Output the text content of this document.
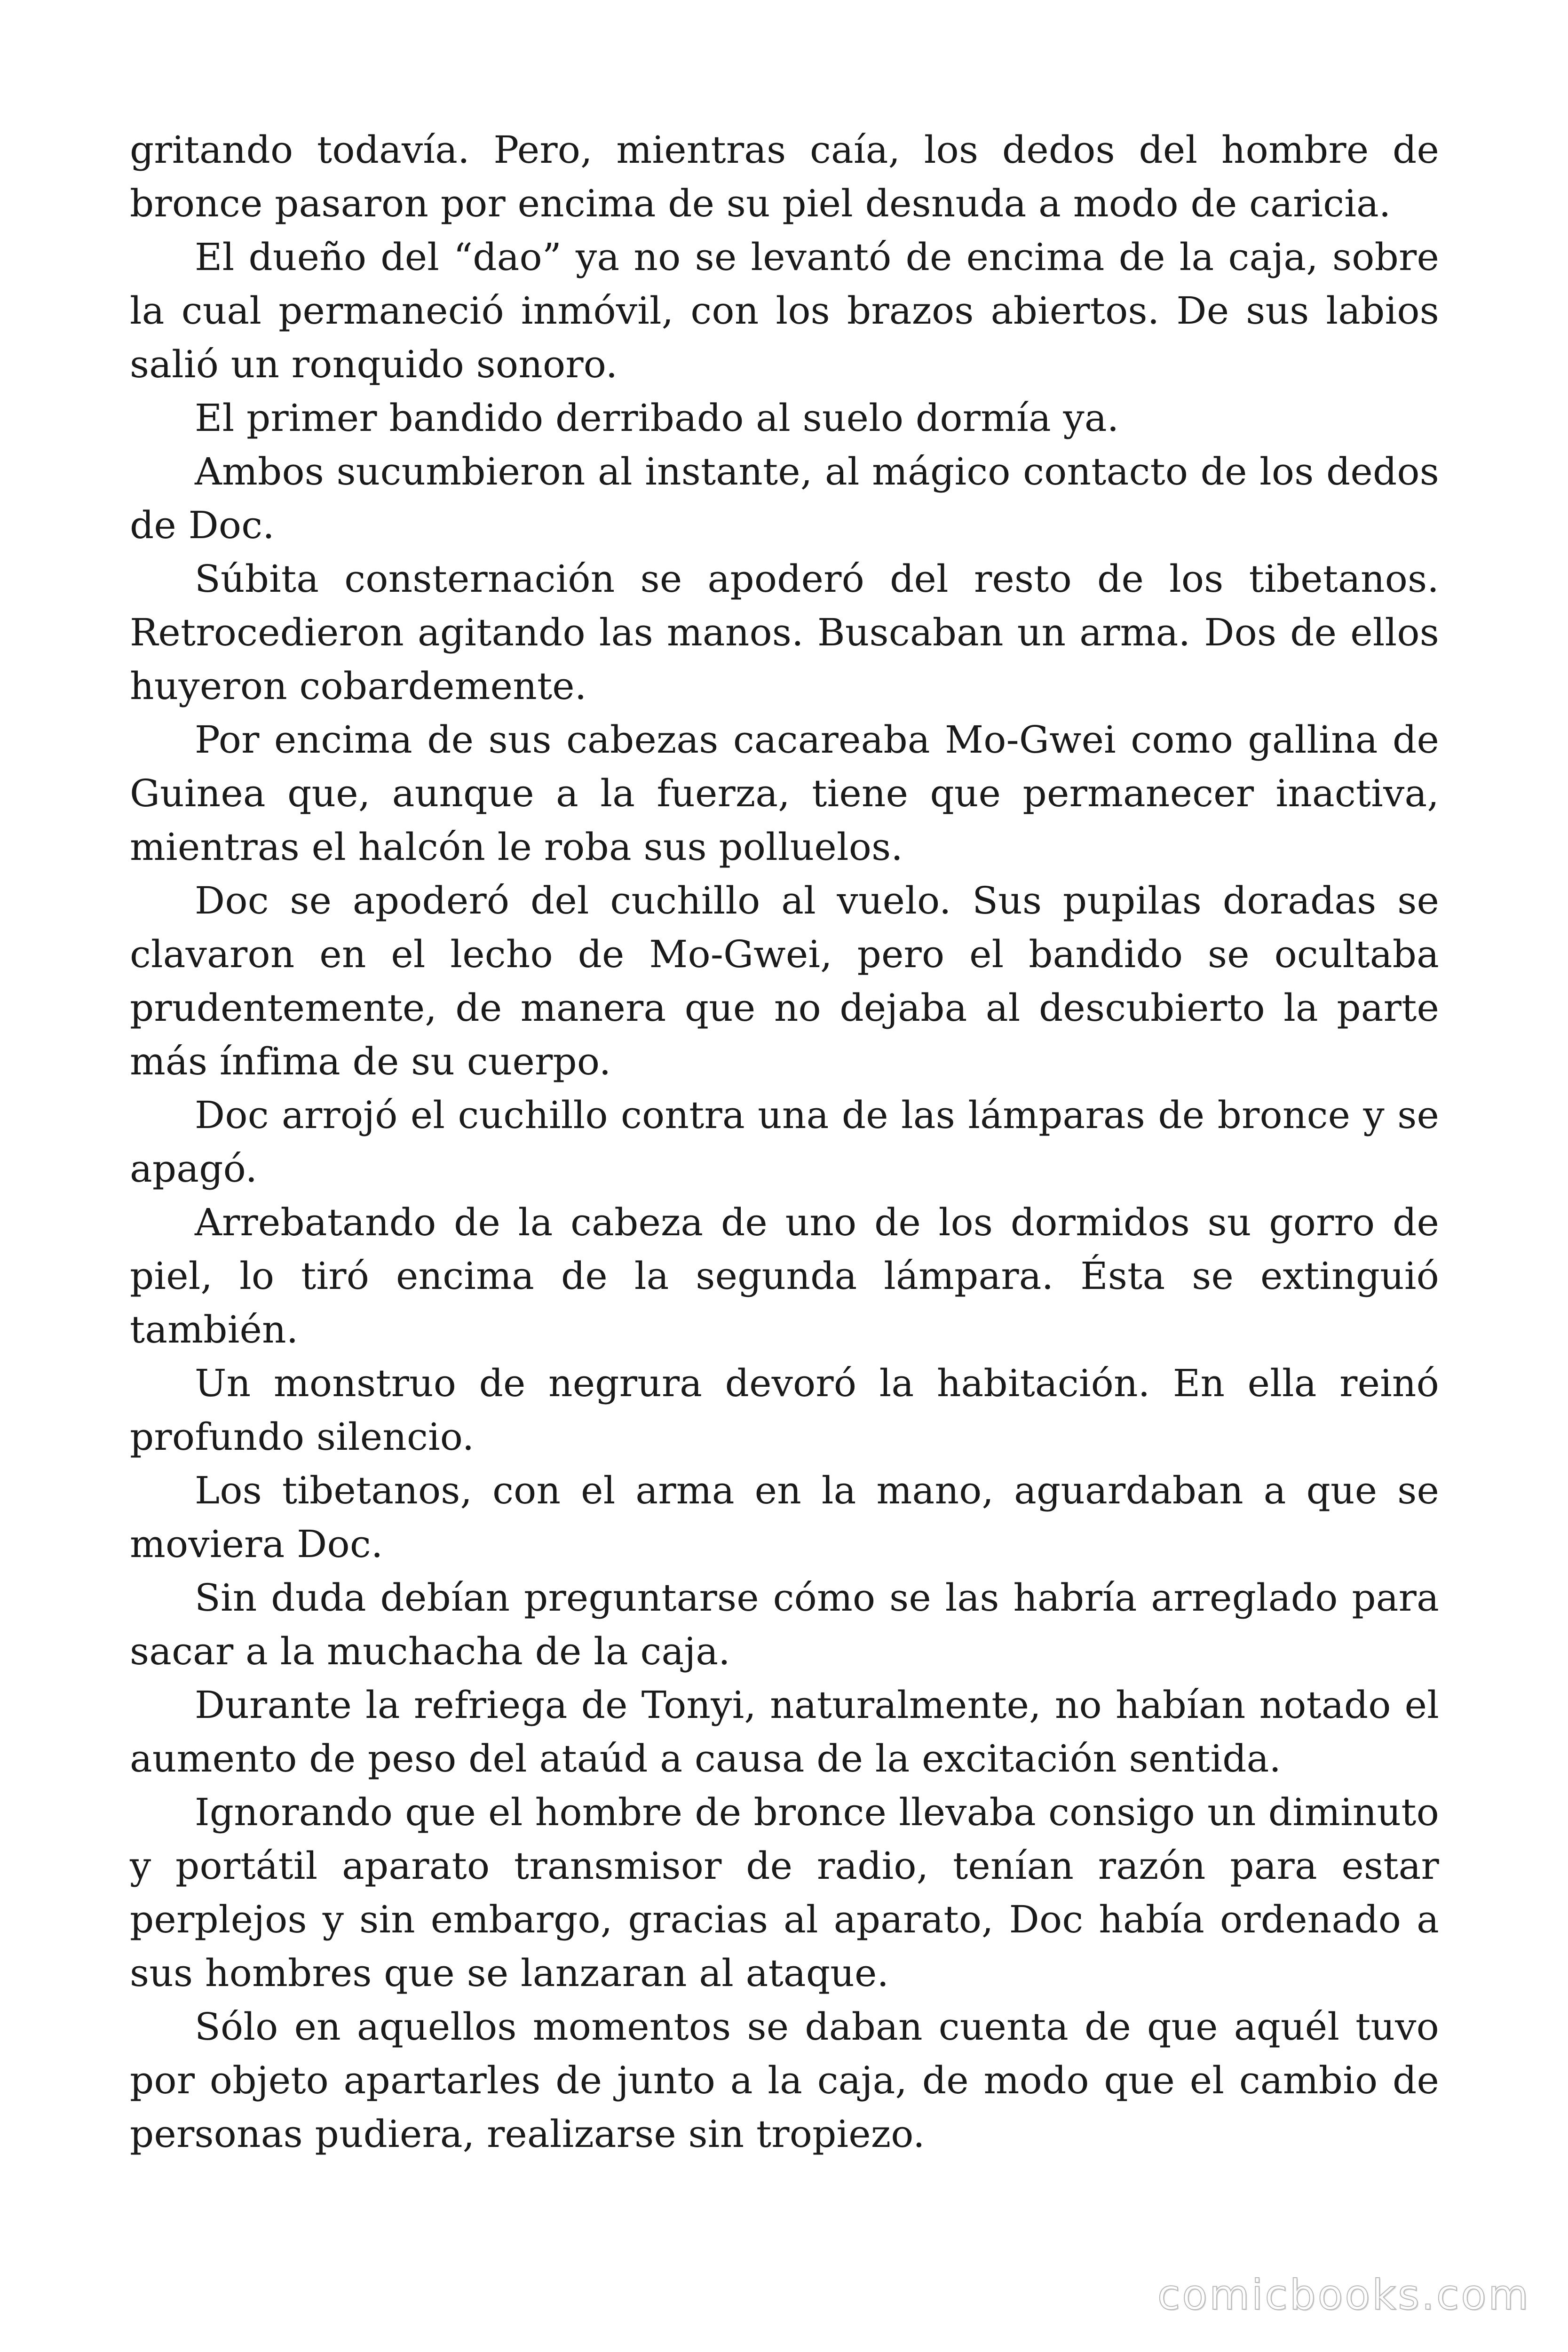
gritando todavía. Pero, mientras caía, los dedos del hombre de bronce pasaron por encima de su piel desnuda a modo de caricia.

El dueño del “dao” ya no se levantó de encima de la caja, sobre la cual permaneció inmóvil, con los brazos abiertos. De sus labios salió un ronquido sonoro.

El primer bandido derribado al suelo dormía ya.

Ambos sucumbieron al instante, al mágico contacto de los dedos de Doc.

Súbita consternación se apoderó del resto de los tibetanos. Retrocedieron agitando las manos. Buscaban un arma. Dos de ellos huyeron cobardemente.

Por encima de sus cabezas cacareaba Mo-Gwei como gallina de Guinea que, aunque a la fuerza, tiene que permanecer inactiva, mientras el halcón le roba sus polluelos.

Doc se apoderó del cuchillo al vuelo. Sus pupilas doradas se clavaron en el lecho de Mo-Gwei, pero el bandido se ocultaba prudentemente, de manera que no dejaba al descubierto la parte más ínfima de su cuerpo.

Doc arrojó el cuchillo contra una de las lámparas de bronce y se apagó.

Arrebatando de la cabeza de uno de los dormidos su gorro de piel, lo tiró encima de la segunda lámpara. Ésta se extinguió también.

Un monstruo de negrura devoró la habitación. En ella reinó profundo silencio.

Los tibetanos, con el arma en la mano, aguardaban a que se moviera Doc.

Sin duda debían preguntarse cómo se las habría arreglado para sacar a la muchacha de la caja.

Durante la refriega de Tonyi, naturalmente, no habían notado el aumento de peso del ataúd a causa de la excitación sentida.

Ignorando que el hombre de bronce llevaba consigo un diminuto y portátil aparato transmisor de radio, tenían razón para estar perplejos y sin embargo, gracias al aparato, Doc había ordenado a sus hombres que se lanzaran al ataque.

Sólo en aquellos momentos se daban cuenta de que aquél tuvo por objeto apartarles de junto a la caja, de modo que el cambio de personas pudiera, realizarse sin tropiezo.

comicbooks.com
